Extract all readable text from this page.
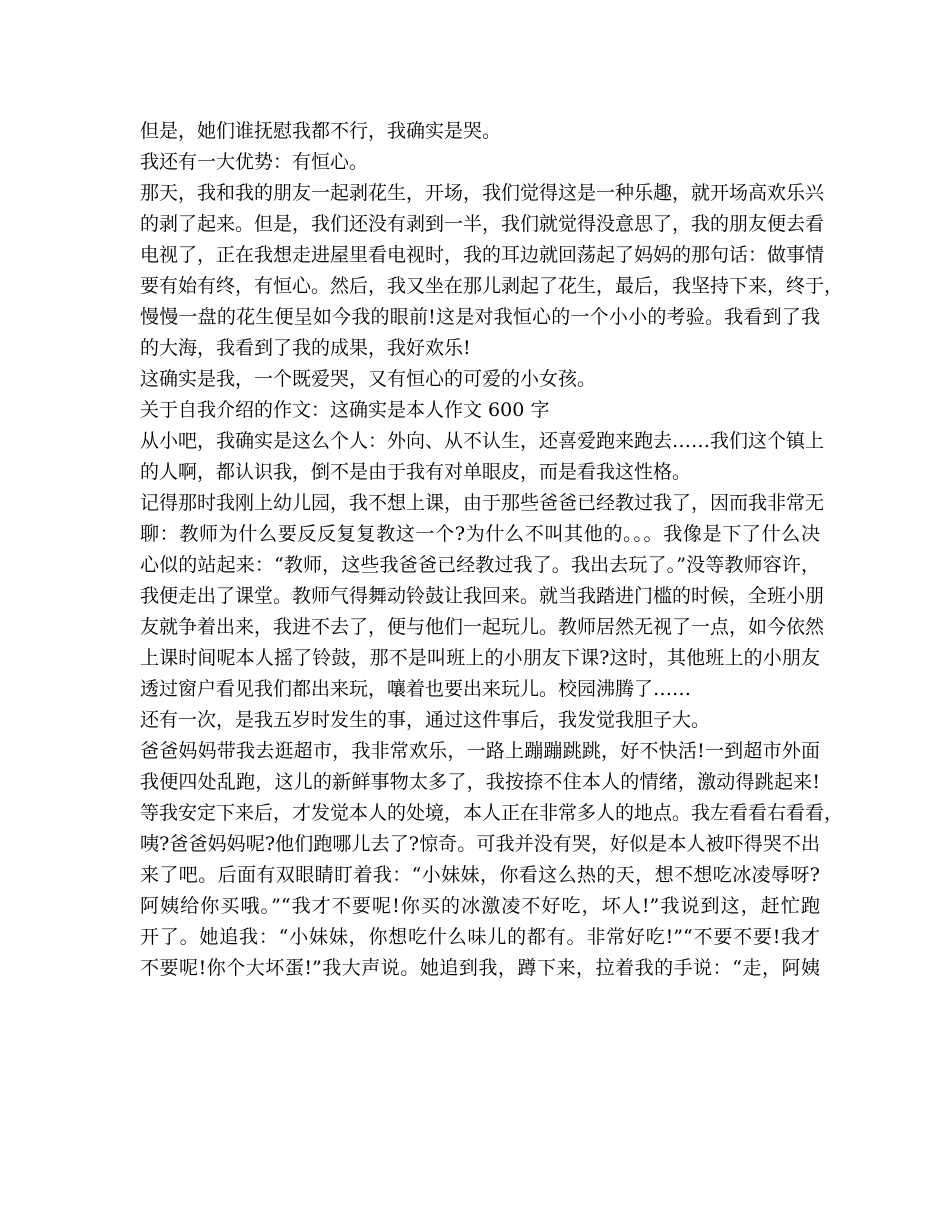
但是，她们谁抚慰我都不行，我确实是哭。
我还有一大优势：有恒心。
那天，我和我的朋友一起剥花生，开场，我们觉得这是一种乐趣，就开场高欢乐兴
的剥了起来。但是，我们还没有剥到一半，我们就觉得没意思了，我的朋友便去看
电视了，正在我想走进屋里看电视时，我的耳边就回荡起了妈妈的那句话：做事情
要有始有终，有恒心。然后，我又坐在那儿剥起了花生，最后，我坚持下来，终于，
慢慢一盘的花生便呈如今我的眼前!这是对我恒心的一个小小的考验。我看到了我
的大海，我看到了我的成果，我好欢乐!
这确实是我，一个既爱哭，又有恒心的可爱的小女孩。
关于自我介绍的作文：这确实是本人作文 600 字
从小吧，我确实是这么个人：外向、从不认生，还喜爱跑来跑去……我们这个镇上
的人啊，都认识我，倒不是由于我有对单眼皮，而是看我这性格。
记得那时我刚上幼儿园，我不想上课，由于那些爸爸已经教过我了，因而我非常无
聊：教师为什么要反反复复教这一个?为什么不叫其他的。。。我像是下了什么决
心似的站起来：“教师，这些我爸爸已经教过我了。我出去玩了。”没等教师容许，
我便走出了课堂。教师气得舞动铃鼓让我回来。就当我踏进门槛的时候，全班小朋
友就争着出来，我进不去了，便与他们一起玩儿。教师居然无视了一点，如今依然
上课时间呢本人摇了铃鼓，那不是叫班上的小朋友下课?这时，其他班上的小朋友
透过窗户看见我们都出来玩，嚷着也要出来玩儿。校园沸腾了……
还有一次，是我五岁时发生的事，通过这件事后，我发觉我胆子大。
爸爸妈妈带我去逛超市，我非常欢乐，一路上蹦蹦跳跳，好不快活!一到超市外面
我便四处乱跑，这儿的新鲜事物太多了，我按捺不住本人的情绪，激动得跳起来!
等我安定下来后，才发觉本人的处境，本人正在非常多人的地点。我左看看右看看，
咦?爸爸妈妈呢?他们跑哪儿去了?惊奇。可我并没有哭，好似是本人被吓得哭不出
来了吧。后面有双眼睛盯着我：“小妹妹，你看这么热的天，想不想吃冰凌辱呀?
阿姨给你买哦。”“我才不要呢!你买的冰激凌不好吃，坏人!”我说到这，赶忙跑
开了。她追我：“小妹妹，你想吃什么味儿的都有。非常好吃!”“不要不要!我才
不要呢!你个大坏蛋!”我大声说。她追到我，蹲下来，拉着我的手说：“走，阿姨
